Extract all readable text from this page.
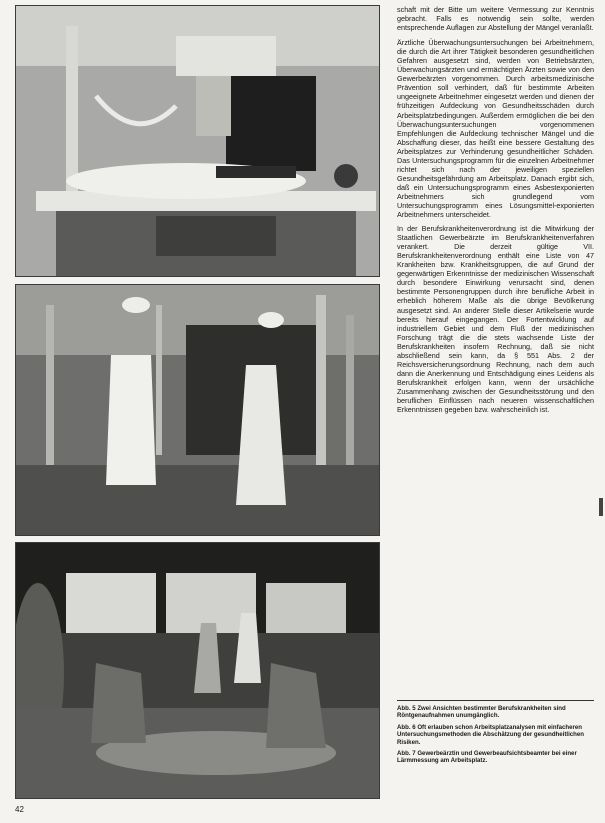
schaft mit der Bitte um weitere Vermessung zur Kenntnis gebracht. Falls es notwendig sein sollte, werden entsprechende Auflagen zur Abstellung der Mängel veranlaßt.

Ärztliche Überwachungsuntersuchungen bei Arbeitnehmern, die durch die Art ihrer Tätigkeit besonderen gesundheitlichen Gefahren ausgesetzt sind, werden von Betriebsärzten, Überwachungsärzten und ermächtigten Ärzten sowie von den Gewerbeärzten vorgenommen. Durch arbeitsmedizinische Prävention soll verhindert, daß für bestimmte Arbeiten ungeeignete Arbeitnehmer eingesetzt werden und dienen der frühzeitigen Aufdeckung von Gesundheitsschäden durch Arbeitsplatzbedingungen. Außerdem ermöglichen die bei den Überwachungsuntersuchungen vorgenommenen Empfehlungen die Aufdeckung technischer Mängel und die Abschaffung dieser, das heißt eine bessere Gestaltung des Arbeitsplatzes zur Verhinderung gesundheitlicher Schäden. Das Untersuchungsprogramm für die einzelnen Arbeitnehmer richtet sich nach der jeweiligen speziellen Gesundheitsgefährdung am Arbeitsplatz. Danach ergibt sich, daß ein Untersuchungsprogramm eines Asbestexponierten Arbeitnehmers sich grundlegend vom Untersuchungsprogramm eines Lösungsmittel-exponierten Arbeitnehmers unterscheidet.

In der Berufskrankheitenverordnung ist die Mitwirkung der Staatlichen Gewerbeärzte im Berufskrankheitenverfahren verankert. Die derzeit gültige VII. Berufskrankheitenverordnung enthält eine Liste von 47 Krankheiten bzw. Krankheitsgruppen, die auf Grund der gegenwärtigen Erkenntnisse der medizinischen Wissenschaft durch besondere Einwirkung verursacht sind, denen bestimmte Personengruppen durch ihre berufliche Arbeit in erheblich höherem Maße als die übrige Bevölkerung ausgesetzt sind. An anderer Stelle dieser Artikelserie wurde bereits hierauf eingegangen. Der Fortentwicklung auf industriellem Gebiet und dem Fluß der medizinischen Forschung trägt die die stets wachsende Liste der Berufskrankheiten insofern Rechnung, daß sie nicht abschließend sein kann, da § 551 Abs. 2 der Reichsversicherungsordnung Rechnung, nach dem auch dann die Anerkennung und Entschädigung eines Leidens als Berufskrankheit erfolgen kann, wenn der ursächliche Zusammenhang zwischen der Gesundheitsstörung und den beruflichen Einflüssen nach neueren wissenschaftlichen Erkenntnissen gegeben bzw. wahrscheinlich ist.

Abb. 5 Zwei Ansichten bestimmter Berufskrankheiten sind Röntgenaufnahmen unumgänglich.

Abb. 6 Oft erlauben schon Arbeitsplatzanalysen mit einfacheren Untersuchungsmethoden die Abschätzung der gesundheitlichen Risiken.

Abb. 7 Gewerbeärztin und Gewerbeaufsichtsbeamter bei einer Lärmmessung am Arbeitsplatz.

42
